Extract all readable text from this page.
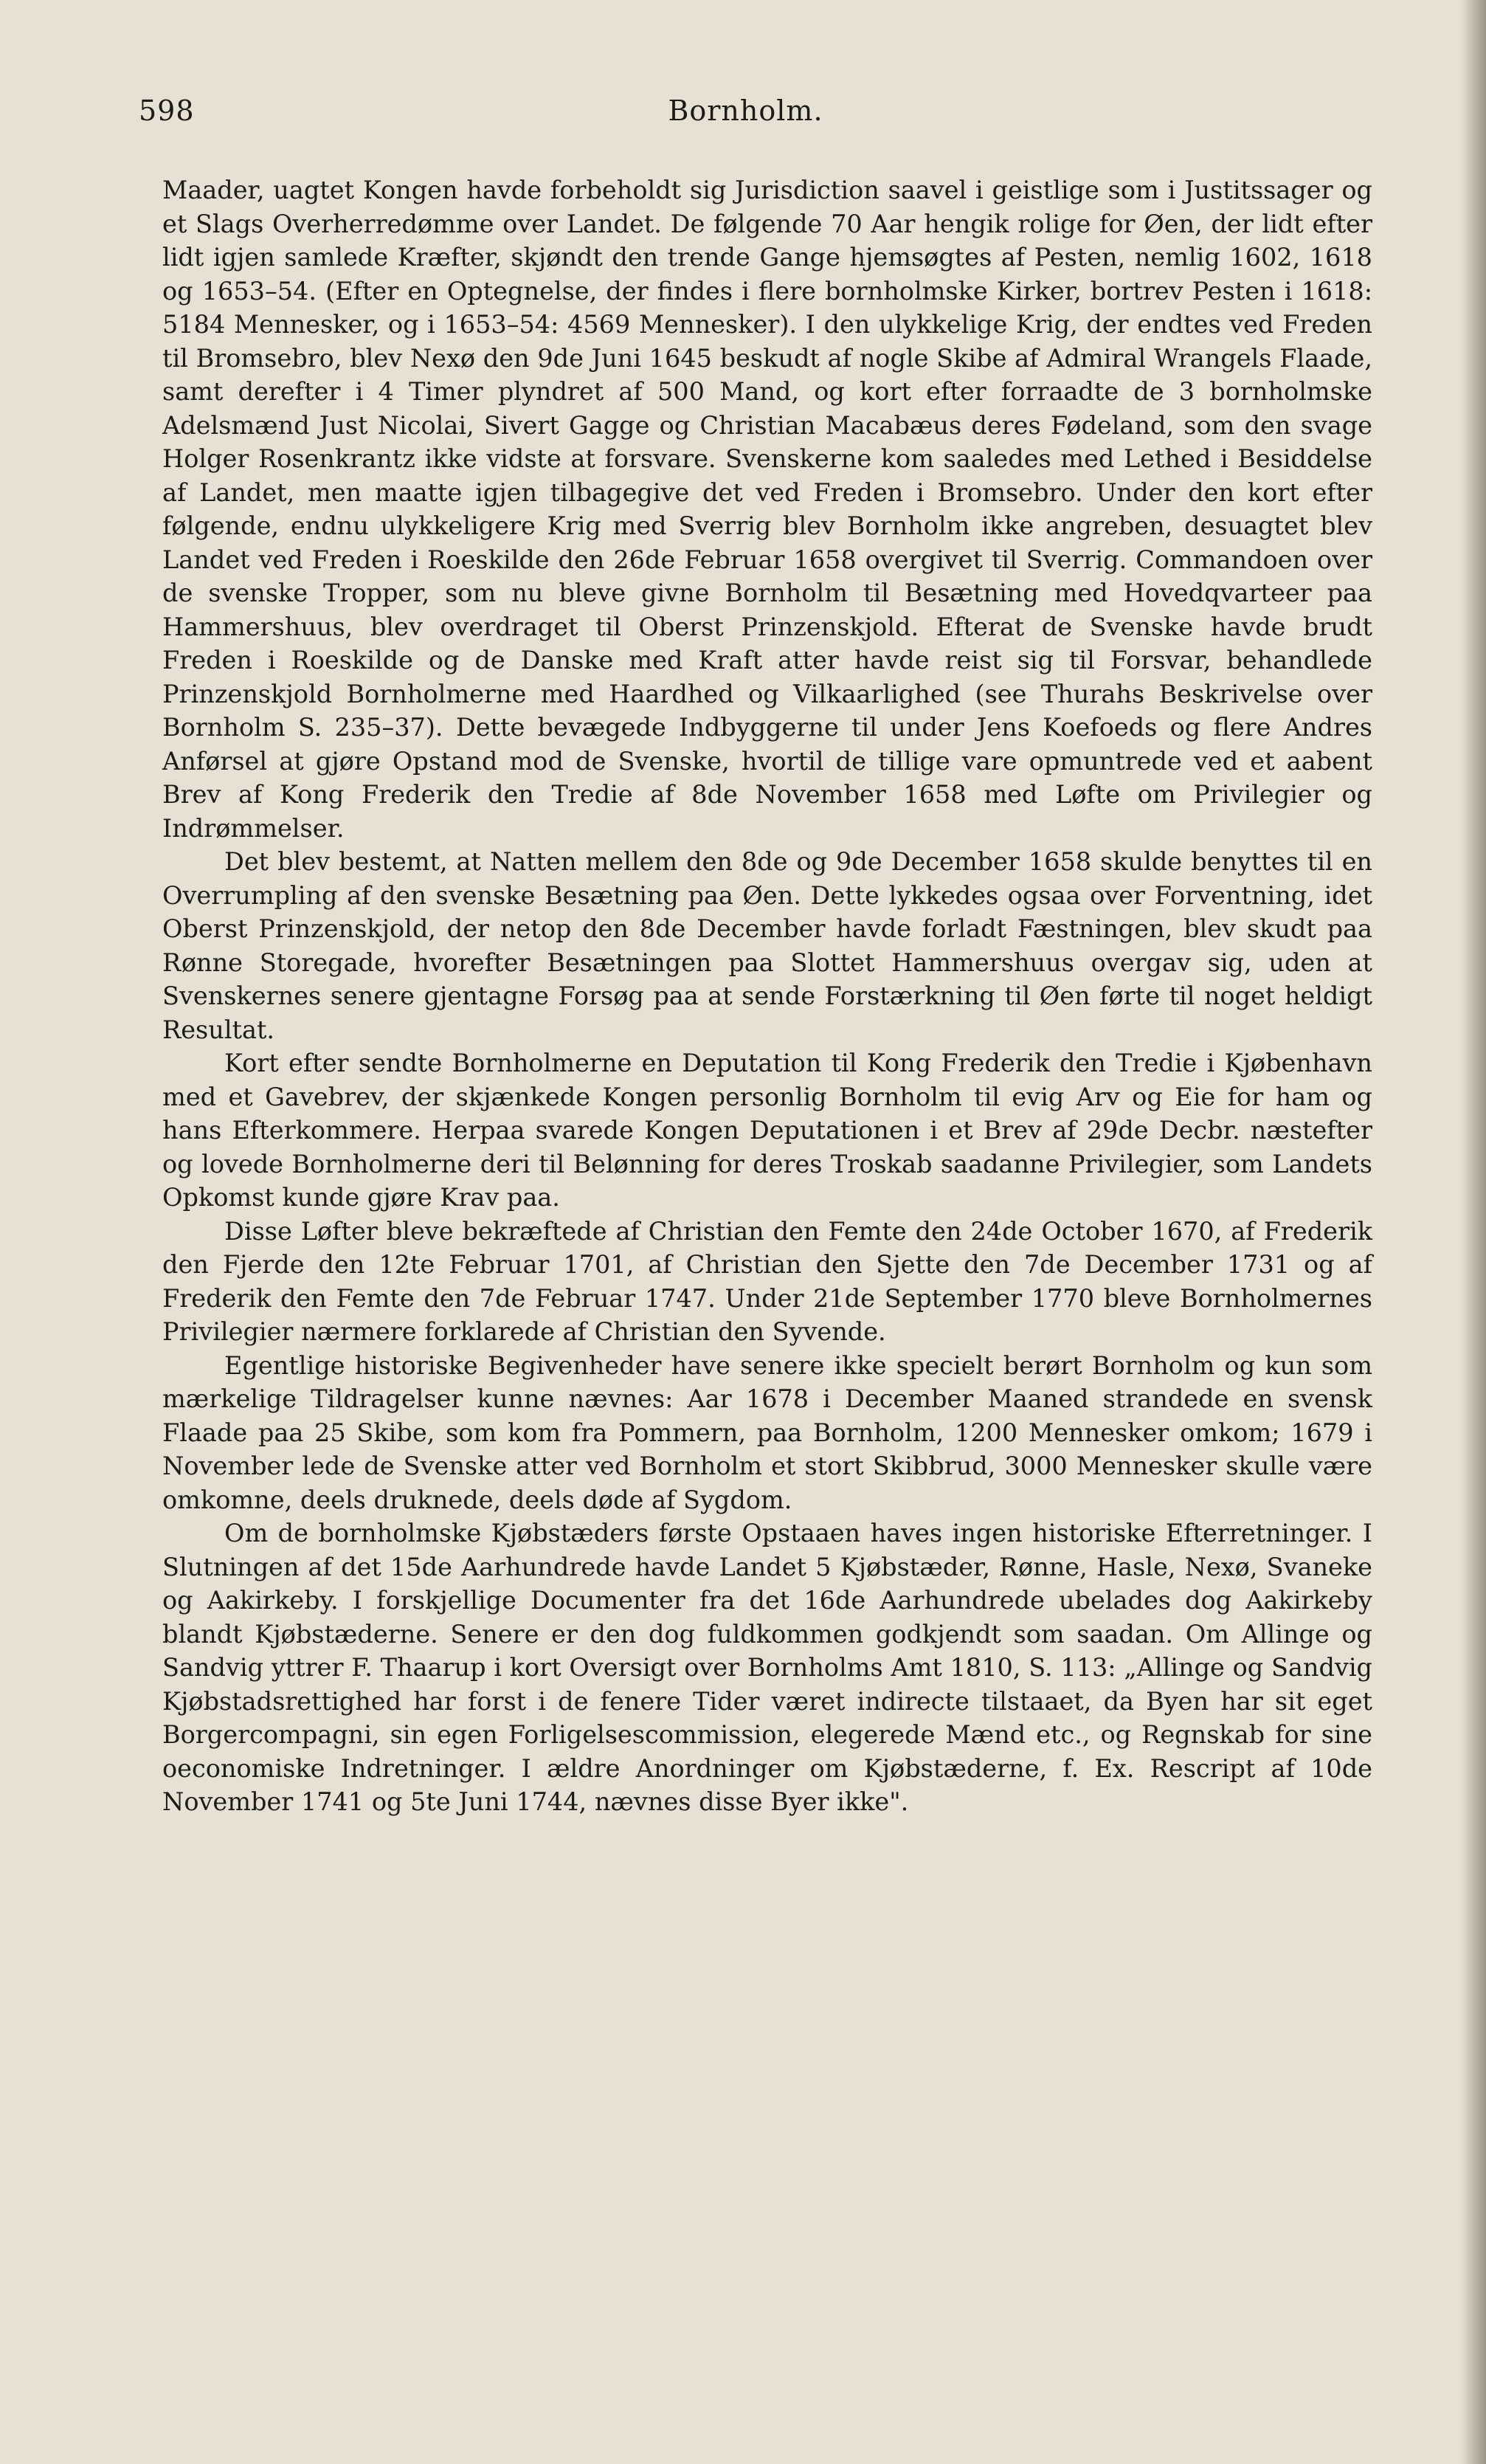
598	Bornholm.

Maader, uagtet Kongen havde forbeholdt sig Jurisdiction saavel i geistlige som i Justitssager og et Slags Overherredømme over Landet. De følgende 70 Aar hengik rolige for Øen, der lidt efter lidt igjen samlede Kræfter, skjøndt den trende Gange hjemsøgtes af Pesten, nemlig 1602, 1618 og 1653–54. (Efter en Optegnelse, der findes i flere bornholmske Kirker, bortrev Pesten i 1618: 5184 Mennesker, og i 1653–54: 4569 Mennesker). I den ulykkelige Krig, der endtes ved Freden til Bromsebro, blev Nexø den 9de Juni 1645 beskudt af nogle Skibe af Admiral Wrangels Flaade, samt derefter i 4 Timer plyndret af 500 Mand, og kort efter forraadte de 3 bornholmske Adelsmænd Just Nicolai, Sivert Gagge og Christian Macabæus deres Fødeland, som den svage Holger Rosenkrantz ikke vidste at forsvare. Svenskerne kom saaledes med Lethed i Besiddelse af Landet, men maatte igjen tilbagegive det ved Freden i Bromsebro. Under den kort efter følgende, endnu ulykkeligere Krig med Sverrig blev Bornholm ikke angreben, desuagtet blev Landet ved Freden i Roeskilde den 26de Februar 1658 overgivet til Sverrig. Commandoen over de svenske Tropper, som nu bleve givne Bornholm til Besætning med Hovedqvarteer paa Hammershuus, blev overdraget til Oberst Prinzenskjold. Efterat de Svenske havde brudt Freden i Roeskilde og de Danske med Kraft atter havde reist sig til Forsvar, behandlede Prinzenskjold Bornholmerne med Haardhed og Vilkaarlighed (see Thurahs Beskrivelse over Bornholm S. 235–37). Dette bevægede Indbyggerne til under Jens Koefoeds og flere Andres Anførsel at gjøre Opstand mod de Svenske, hvortil de tillige vare opmuntrede ved et aabent Brev af Kong Frederik den Tredie af 8de November 1658 med Løfte om Privilegier og Indrømmelser.

Det blev bestemt, at Natten mellem den 8de og 9de December 1658 skulde benyttes til en Overrumpling af den svenske Besætning paa Øen. Dette lykkedes ogsaa over Forventning, idet Oberst Prinzenskjold, der netop den 8de December havde forladt Fæstningen, blev skudt paa Rønne Storegade, hvorefter Besætningen paa Slottet Hammershuus overgav sig, uden at Svenskernes senere gjentagne Forsøg paa at sende Forstærkning til Øen førte til noget heldigt Resultat.

Kort efter sendte Bornholmerne en Deputation til Kong Frederik den Tredie i Kjøbenhavn med et Gavebrev, der skjænkede Kongen personlig Bornholm til evig Arv og Eie for ham og hans Efterkommere. Herpaa svarede Kongen Deputationen i et Brev af 29de Decbr. næstefter og lovede Bornholmerne deri til Belønning for deres Troskab saadanne Privilegier, som Landets Opkomst kunde gjøre Krav paa.

Disse Løfter bleve bekræftede af Christian den Femte den 24de October 1670, af Frederik den Fjerde den 12te Februar 1701, af Christian den Sjette den 7de December 1731 og af Frederik den Femte den 7de Februar 1747. Under 21de September 1770 bleve Bornholmernes Privilegier nærmere forklarede af Christian den Syvende.

Egentlige historiske Begivenheder have senere ikke specielt berørt Bornholm og kun som mærkelige Tildragelser kunne nævnes: Aar 1678 i December Maaned strandede en svensk Flaade paa 25 Skibe, som kom fra Pommern, paa Bornholm, 1200 Mennesker omkom; 1679 i November lede de Svenske atter ved Bornholm et stort Skibbrud, 3000 Mennesker skulle være omkomne, deels druknede, deels døde af Sygdom.

Om de bornholmske Kjøbstæders første Opstaaen haves ingen historiske Efterretninger. I Slutningen af det 15de Aarhundrede havde Landet 5 Kjøbstæder, Rønne, Hasle, Nexø, Svaneke og Aakirkeby. I forskjellige Documenter fra det 16de Aarhundrede ubelades dog Aakirkeby blandt Kjøbstæderne. Senere er den dog fuldkommen godkjendt som saadan. Om Allinge og Sandvig yttrer F. Thaarup i kort Oversigt over Bornholms Amt 1810, S. 113: „Allinge og Sandvig Kjøbstadsrettighed har forst i de fenere Tider været indirecte tilstaaet, da Byen har sit eget Borgercompagni, sin egen Forligelsescommission, elegerede Mænd etc., og Regnskab for sine oeconomiske Indretninger. I ældre Anordninger om Kjøbstæderne, f. Ex. Rescript af 10de November 1741 og 5te Juni 1744, nævnes disse Byer ikke".
